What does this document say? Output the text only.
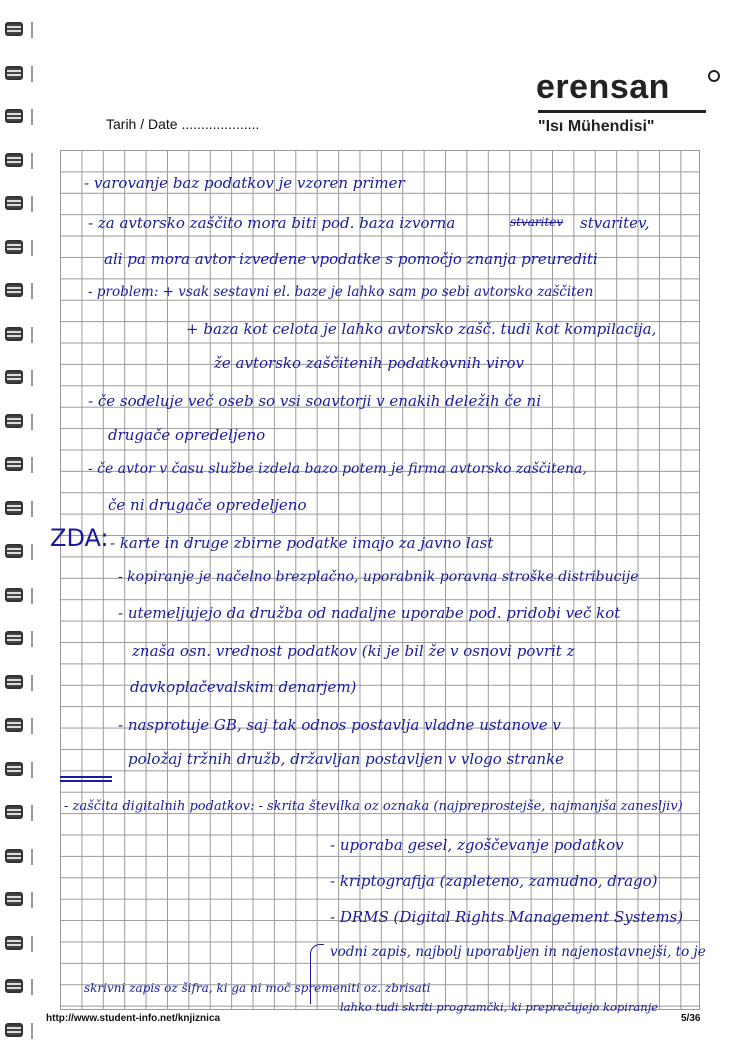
Tarih / Date ....................
erensan
"Isı Mühendisi"
- varovanje baz podatkov je vzoren primer
- za avtorsko zaščito mora biti pod. baza izvorna	stvaritev stvaritev,
ali pa mora avtor izvedene vpodatke s pomočjo znanja preurediti
- problem: + vsak sestavni el. baze je lahko sam po sebi avtorsko zaščiten
+ baza kot celota je lahko avtorsko zašč. tudi kot kompilacija,
že avtorsko zaščitenih podatkovnih virov
- če sodeluje več oseb so vsi soavtorji v enakih deležih če ni
drugače opredeljeno
- če avtor v času službe izdela bazo potem je firma avtorsko zaščitena,
če ni drugače opredeljeno
ZDA: - karte in druge zbirne podatke imajo za javno last
- kopiranje je načelno brezplačno, uporabnik poravna stroške distribucije
- utemeljujejo da družba od nadaljne uporabe pod. pridobi več kot
znaša osn. vrednost podatkov (ki je bil že v osnovi povrit z
davkoplačevalskim denarjem)
- nasprotuje GB, saj tak odnos postavlja vladne ustanove v
položaj tržnih družb, državljan postavljen v vlogo stranke
- zaščita digitalnih podatkov: - skrita številka oz oznaka (najpreprostejše, najmanjša zanesljiv)
- uporaba gesel, zgoščevanje podatkov
- kriptografija (zapleteno, zamudno, drago)
- DRMS (Digital Rights Management Systems)
vodni zapis, najbolj uporabljen in najenostavnejši, to je
skrivni zapis oz šifra, ki ga ni moč spremeniti oz. zbrisati
lahko tudi skriti programčki, ki preprečujejo kopiranje
http://www.student-info.net/knjiznica	5/36
